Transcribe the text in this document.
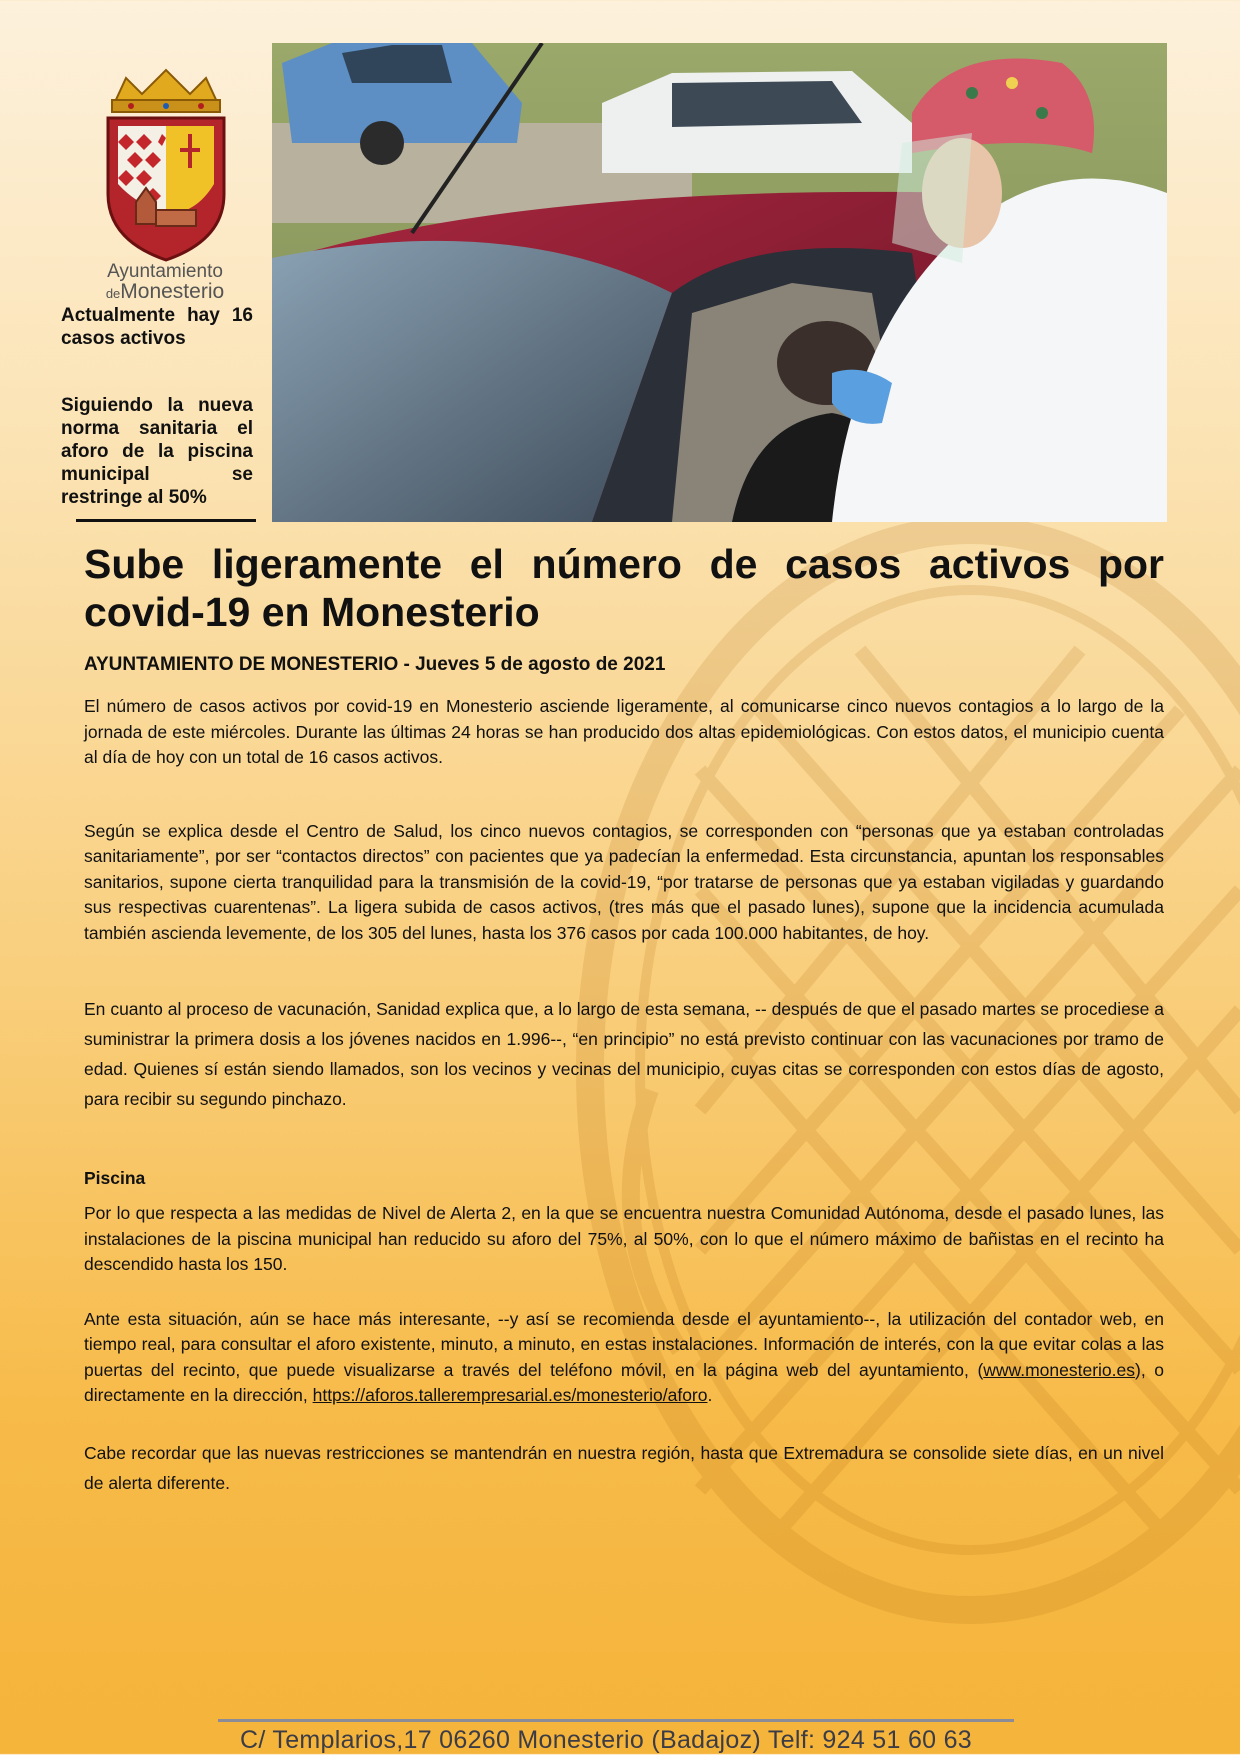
Ayuntamiento
deMonesterio
Actualmente hay 16 casos activos
Siguiendo la nueva norma sanitaria el aforo de la piscina municipal se restringe al 50%
Sube ligeramente el número de casos activos por covid-19 en Monesterio

AYUNTAMIENTO DE MONESTERIO - Jueves 5 de agosto de 2021

El número de casos activos por covid-19 en Monesterio asciende ligeramente, al comunicarse cinco nuevos contagios a lo largo de la jornada de este miércoles. Durante las últimas 24 horas se han producido dos altas epidemiológicas. Con estos datos, el municipio cuenta al día de hoy con un total de 16 casos activos.

Según se explica desde el Centro de Salud, los cinco nuevos contagios, se corresponden con “personas que ya estaban controladas sanitariamente”, por ser “contactos directos” con pacientes que ya padecían la enfermedad. Esta circunstancia, apuntan los responsables sanitarios, supone cierta tranquilidad para la transmisión de la covid-19, “por tratarse de personas que ya estaban vigiladas y guardando sus respectivas cuarentenas”. La ligera subida de casos activos, (tres más que el pasado lunes), supone que la incidencia acumulada también ascienda levemente, de los 305 del lunes, hasta los 376 casos por cada 100.000 habitantes, de hoy.

En cuanto al proceso de vacunación, Sanidad explica que, a lo largo de esta semana, -- después de que el pasado martes se procediese a suministrar la primera dosis a los jóvenes nacidos en 1.996--, “en principio” no está previsto continuar con las vacunaciones por tramo de edad. Quienes sí están siendo llamados, son los vecinos y vecinas del municipio, cuyas citas se corresponden con estos días de agosto, para recibir su segundo pinchazo.

Piscina

Por lo que respecta a las medidas de Nivel de Alerta 2, en la que se encuentra nuestra Comunidad Autónoma, desde el pasado lunes, las instalaciones de la piscina municipal han reducido su aforo del 75%, al 50%, con lo que el número máximo de bañistas en el recinto ha descendido hasta los 150.

Ante esta situación, aún se hace más interesante, --y así se recomienda desde el ayuntamiento--, la utilización del contador web, en tiempo real, para consultar el aforo existente, minuto, a minuto, en estas instalaciones. Información de interés, con la que evitar colas a las puertas del recinto, que puede visualizarse a través del teléfono móvil, en la página web del ayuntamiento, (www.monesterio.es), o directamente en la dirección, https://aforos.tallerempresarial.es/monesterio/aforo.

Cabe recordar que las nuevas restricciones se mantendrán en nuestra región, hasta que Extremadura se consolide siete días, en un nivel de alerta diferente.

C/ Templarios,17 06260 Monesterio (Badajoz) Telf: 924 51 60 63
